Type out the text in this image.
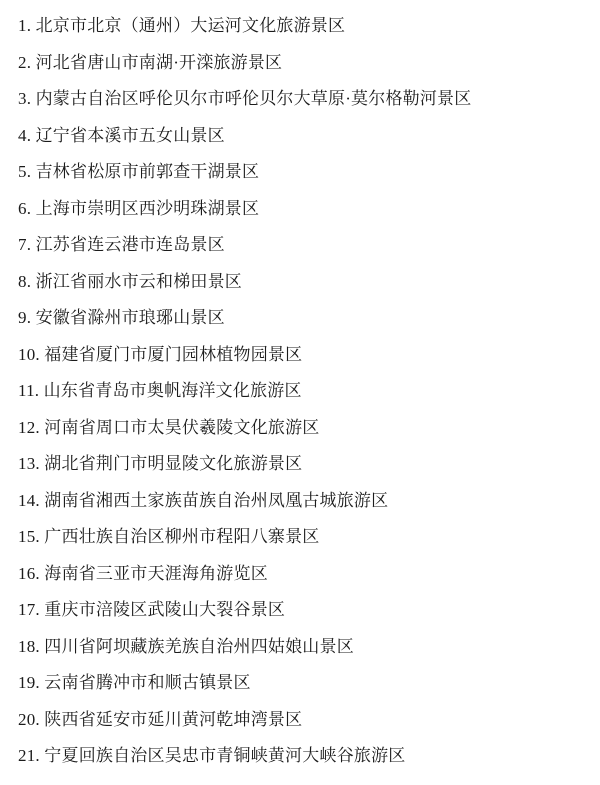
1. 北京市北京（通州）大运河文化旅游景区
2. 河北省唐山市南湖·开滦旅游景区
3. 内蒙古自治区呼伦贝尔市呼伦贝尔大草原·莫尔格勒河景区
4. 辽宁省本溪市五女山景区
5. 吉林省松原市前郭查干湖景区
6. 上海市崇明区西沙明珠湖景区
7. 江苏省连云港市连岛景区
8. 浙江省丽水市云和梯田景区
9. 安徽省滁州市琅琊山景区
10. 福建省厦门市厦门园林植物园景区
11. 山东省青岛市奥帆海洋文化旅游区
12. 河南省周口市太昊伏羲陵文化旅游区
13. 湖北省荆门市明显陵文化旅游景区
14. 湖南省湘西土家族苗族自治州凤凰古城旅游区
15. 广西壮族自治区柳州市程阳八寨景区
16. 海南省三亚市天涯海角游览区
17. 重庆市涪陵区武陵山大裂谷景区
18. 四川省阿坝藏族羌族自治州四姑娘山景区
19. 云南省腾冲市和顺古镇景区
20. 陕西省延安市延川黄河乾坤湾景区
21. 宁夏回族自治区吴忠市青铜峡黄河大峡谷旅游区
